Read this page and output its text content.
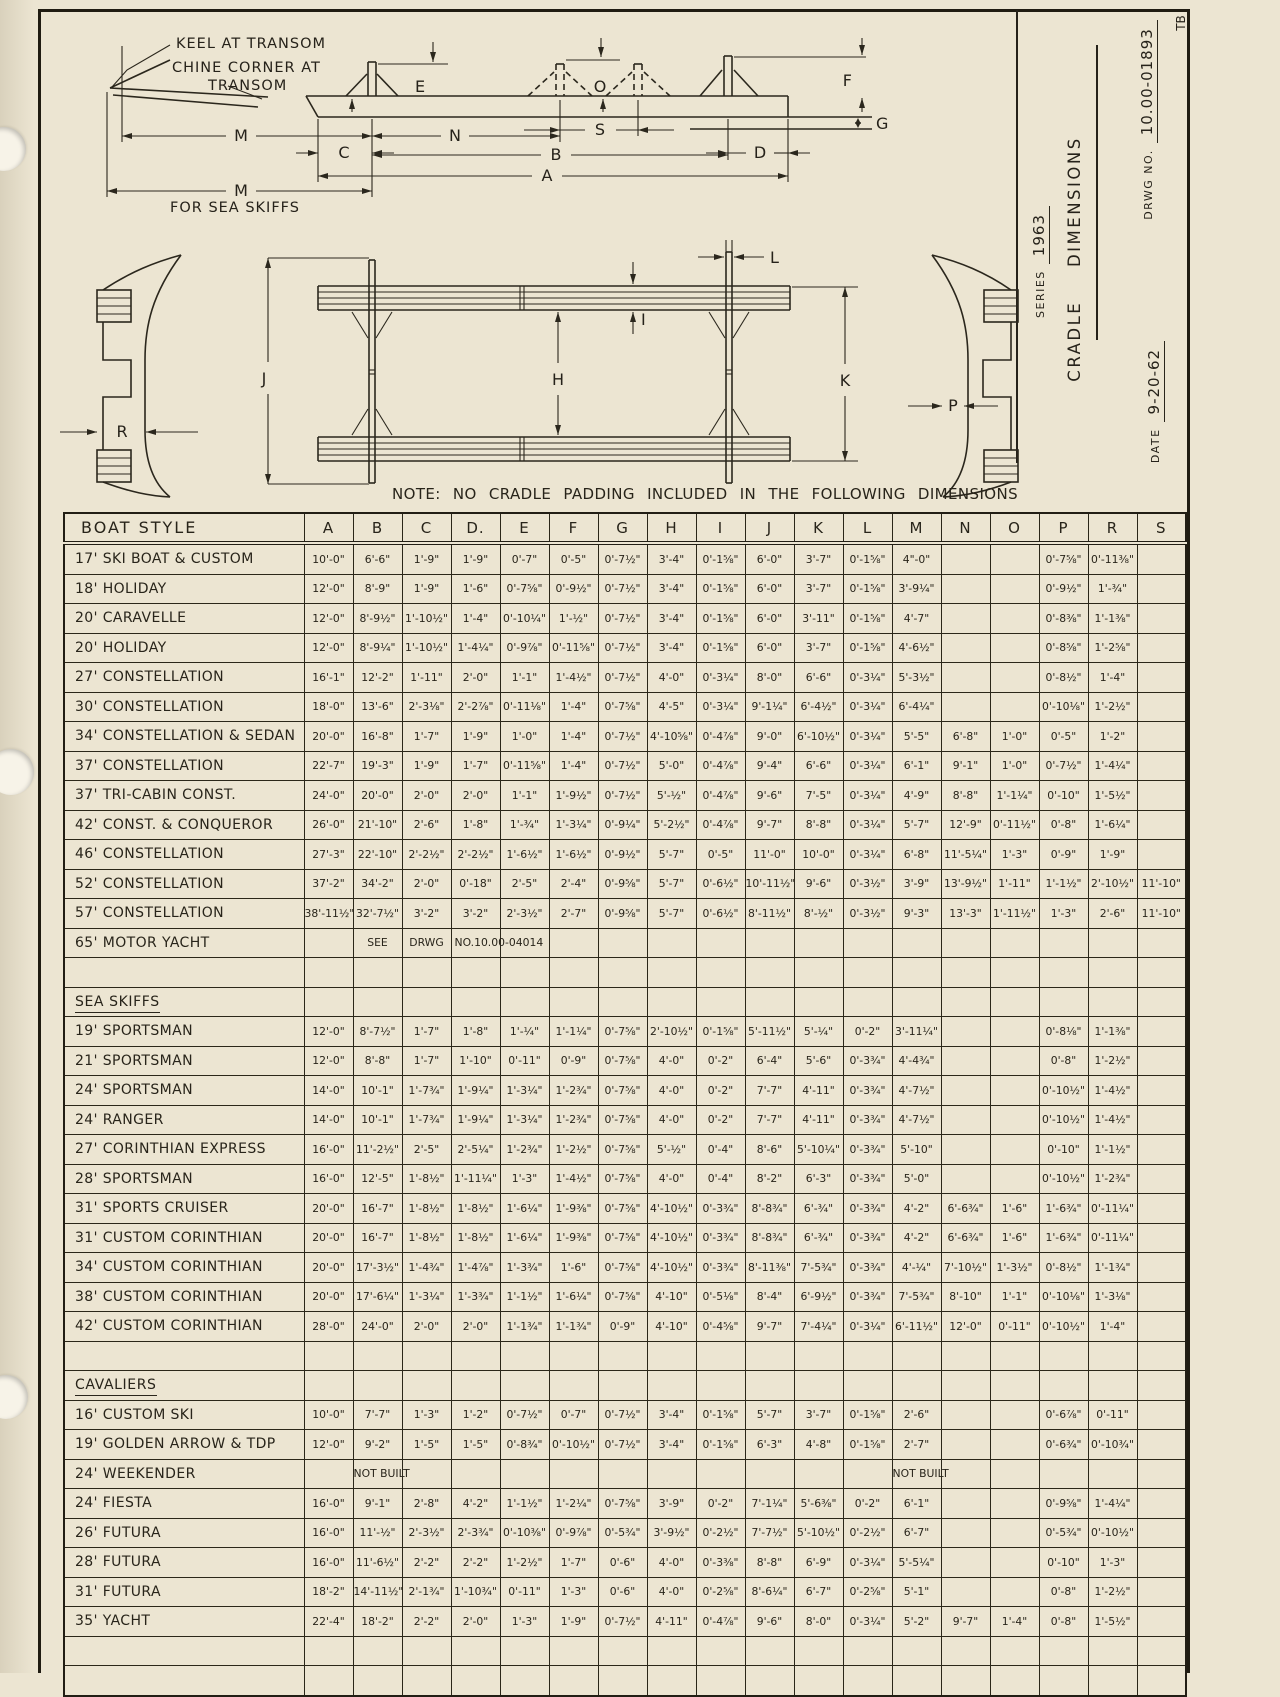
SERIES
1963 CRADLE DIMENSIONS	DRWG NO.
10.00-01893
DATE
9-20-62
TB
KEEL AT TRANSOM
CHINE CORNER AT
TRANSOM	E	O	F
G
M	N	S
C	B	D
A
M
FOR SEA SKIFFS
J	H	K
L
I
R
P
NOTE: NO CRADLE PADDING INCLUDED IN THE FOLLOWING DIMENSIONS
BOAT STYLE	A	B	C	D.	E	F	G	H	I	J	K	L	M	N	O	P	R	S
17' SKI BOAT & CUSTOM	10'-0"	6'-6"	1'-9"	1'-9"	0'-7"	0'-5"	0'-7½"	3'-4"	0'-1⅝"	6'-0"	3'-7"	0'-1⅝"	4"-0"			0'-7⅝"	0'-11⅜"	
18' HOLIDAY	12'-0"	8'-9"	1'-9"	1'-6"	0'-7⅝"	0'-9½"	0'-7½"	3'-4"	0'-1⅝"	6'-0"	3'-7"	0'-1⅝"	3'-9¼"			0'-9½"	1'-¾"	
20' CARAVELLE	12'-0"	8'-9½"	1'-10½"	1'-4"	0'-10¼"	1'-½"	0'-7½"	3'-4"	0'-1⅝"	6'-0"	3'-11"	0'-1⅝"	4'-7"			0'-8⅜"	1'-1⅜"	
20' HOLIDAY	12'-0"	8'-9¼"	1'-10½"	1'-4¼"	0'-9⅞"	0'-11⅝"	0'-7½"	3'-4"	0'-1⅝"	6'-0"	3'-7"	0'-1⅝"	4'-6½"			0'-8⅝"	1'-2⅝"	
27' CONSTELLATION	16'-1"	12'-2"	1'-11"	2'-0"	1'-1"	1'-4½"	0'-7½"	4'-0"	0'-3¼"	8'-0"	6'-6"	0'-3¼"	5'-3½"			0'-8½"	1'-4"	
30' CONSTELLATION	18'-0"	13'-6"	2'-3⅛"	2'-2⅞"	0'-11⅛"	1'-4"	0'-7⅝"	4'-5"	0'-3¼"	9'-1¼"	6'-4½"	0'-3¼"	6'-4¼"			0'-10⅛"	1'-2½"	
34' CONSTELLATION & SEDAN	20'-0"	16'-8"	1'-7"	1'-9"	1'-0"	1'-4"	0'-7½"	4'-10⅝"	0'-4⅞"	9'-0"	6'-10½"	0'-3¼"	5'-5"	6'-8"	1'-0"	0'-5"	1'-2"	
37' CONSTELLATION	22'-7"	19'-3"	1'-9"	1'-7"	0'-11⅝"	1'-4"	0'-7½"	5'-0"	0'-4⅞"	9'-4"	6'-6"	0'-3¼"	6'-1"	9'-1"	1'-0"	0'-7½"	1'-4¼"	
37' TRI-CABIN CONST.	24'-0"	20'-0"	2'-0"	2'-0"	1'-1"	1'-9½"	0'-7½"	5'-½"	0'-4⅞"	9'-6"	7'-5"	0'-3¼"	4'-9"	8'-8"	1'-1¼"	0'-10"	1'-5½"	
42' CONST. & CONQUEROR	26'-0"	21'-10"	2'-6"	1'-8"	1'-¾"	1'-3¼"	0'-9¼"	5'-2½"	0'-4⅞"	9'-7"	8'-8"	0'-3¼"	5'-7"	12'-9"	0'-11½"	0'-8"	1'-6¼"	
46' CONSTELLATION	27'-3"	22'-10"	2'-2½"	2'-2½"	1'-6½"	1'-6½"	0'-9½"	5'-7"	0'-5"	11'-0"	10'-0"	0'-3¼"	6'-8"	11'-5¼"	1'-3"	0'-9"	1'-9"	
52' CONSTELLATION	37'-2"	34'-2"	2'-0"	0'-18"	2'-5"	2'-4"	0'-9⅝"	5'-7"	0'-6½"	10'-11½"	9'-6"	0'-3½"	3'-9"	13'-9½"	1'-11"	1'-1½"	2'-10½"	11'-10"
57' CONSTELLATION	38'-11½"	32'-7½"	3'-2"	3'-2"	2'-3½"	2'-7"	0'-9⅝"	5'-7"	0'-6½"	8'-11½"	8'-½"	0'-3½"	9'-3"	13'-3"	1'-11½"	1'-3"	2'-6"	11'-10"
65' MOTOR YACHT		SEE	DRWG	NO.10.00-04014														

SEA SKIFFS																		
19' SPORTSMAN	12'-0"	8'-7½"	1'-7"	1'-8"	1'-¼"	1'-1¼"	0'-7⅝"	2'-10½"	0'-1⅝"	5'-11½"	5'-¼"	0'-2"	3'-11¼"			0'-8⅛"	1'-1⅜"	
21' SPORTSMAN	12'-0"	8'-8"	1'-7"	1'-10"	0'-11"	0'-9"	0'-7⅝"	4'-0"	0'-2"	6'-4"	5'-6"	0'-3¾"	4'-4¾"			0'-8"	1'-2½"	
24' SPORTSMAN	14'-0"	10'-1"	1'-7¾"	1'-9¼"	1'-3¼"	1'-2¾"	0'-7⅝"	4'-0"	0'-2"	7'-7"	4'-11"	0'-3¾"	4'-7½"			0'-10½"	1'-4½"	
24' RANGER	14'-0"	10'-1"	1'-7¾"	1'-9¼"	1'-3¼"	1'-2¾"	0'-7⅝"	4'-0"	0'-2"	7'-7"	4'-11"	0'-3¾"	4'-7½"			0'-10½"	1'-4½"	
27' CORINTHIAN EXPRESS	16'-0"	11'-2½"	2'-5"	2'-5¼"	1'-2¾"	1'-2½"	0'-7⅝"	5'-½"	0'-4"	8'-6"	5'-10¼"	0'-3¾"	5'-10"			0'-10"	1'-1½"	
28' SPORTSMAN	16'-0"	12'-5"	1'-8½"	1'-11¼"	1'-3"	1'-4½"	0'-7⅝"	4'-0"	0'-4"	8'-2"	6'-3"	0'-3¾"	5'-0"			0'-10½"	1'-2¾"	
31' SPORTS CRUISER	20'-0"	16'-7"	1'-8½"	1'-8½"	1'-6¼"	1'-9⅜"	0'-7⅝"	4'-10½"	0'-3¾"	8'-8¾"	6'-¾"	0'-3¾"	4'-2"	6'-6¾"	1'-6"	1'-6¾"	0'-11¼"	
31' CUSTOM CORINTHIAN	20'-0"	16'-7"	1'-8½"	1'-8½"	1'-6¼"	1'-9⅜"	0'-7⅝"	4'-10½"	0'-3¾"	8'-8¾"	6'-¾"	0'-3¾"	4'-2"	6'-6¾"	1'-6"	1'-6¾"	0'-11¼"	
34' CUSTOM CORINTHIAN	20'-0"	17'-3½"	1'-4¾"	1'-4⅞"	1'-3¾"	1'-6"	0'-7⅝"	4'-10½"	0'-3¾"	8'-11⅜"	7'-5¾"	0'-3¾"	4'-¼"	7'-10½"	1'-3½"	0'-8½"	1'-1¾"	
38' CUSTOM CORINTHIAN	20'-0"	17'-6¼"	1'-3¼"	1'-3¾"	1'-1½"	1'-6¼"	0'-7⅝"	4'-10"	0'-5⅛"	8'-4"	6'-9½"	0'-3¾"	7'-5¾"	8'-10"	1'-1"	0'-10⅛"	1'-3⅛"	
42' CUSTOM CORINTHIAN	28'-0"	24'-0"	2'-0"	2'-0"	1'-1¾"	1'-1¾"	0'-9"	4'-10"	0'-4⅝"	9'-7"	7'-4¼"	0'-3¼"	6'-11½"	12'-0"	0'-11"	0'-10½"	1'-4"	

CAVALIERS																		
16' CUSTOM SKI	10'-0"	7'-7"	1'-3"	1'-2"	0'-7½"	0'-7"	0'-7½"	3'-4"	0'-1⅝"	5'-7"	3'-7"	0'-1⅝"	2'-6"			0'-6⅞"	0'-11"	
19' GOLDEN ARROW & TDP	12'-0"	9'-2"	1'-5"	1'-5"	0'-8¾"	0'-10½"	0'-7½"	3'-4"	0'-1⅝"	6'-3"	4'-8"	0'-1⅝"	2'-7"			0'-6¾"	0'-10¾"	
24' WEEKENDER		NOT BUILT											NOT BUILT					
24' FIESTA	16'-0"	9'-1"	2'-8"	4'-2"	1'-1½"	1'-2¼"	0'-7⅝"	3'-9"	0'-2"	7'-1¼"	5'-6⅜"	0'-2"	6'-1"			0'-9⅝"	1'-4¼"	
26' FUTURA	16'-0"	11'-½"	2'-3½"	2'-3¾"	0'-10⅜"	0'-9⅞"	0'-5¾"	3'-9½"	0'-2½"	7'-7½"	5'-10½"	0'-2½"	6'-7"			0'-5¾"	0'-10½"	
28' FUTURA	16'-0"	11'-6½"	2'-2"	2'-2"	1'-2½"	1'-7"	0'-6"	4'-0"	0'-3⅜"	8'-8"	6'-9"	0'-3¼"	5'-5¼"			0'-10"	1'-3"	
31' FUTURA	18'-2"	14'-11½"	2'-1¾"	1'-10¾"	0'-11"	1'-3"	0'-6"	4'-0"	0'-2⅝"	8'-6¼"	6'-7"	0'-2⅝"	5'-1"			0'-8"	1'-2½"	
35' YACHT	22'-4"	18'-2"	2'-2"	2'-0"	1'-3"	1'-9"	0'-7½"	4'-11"	0'-4⅞"	9'-6"	8'-0"	0'-3¼"	5'-2"	9'-7"	1'-4"	0'-8"	1'-5½"	
